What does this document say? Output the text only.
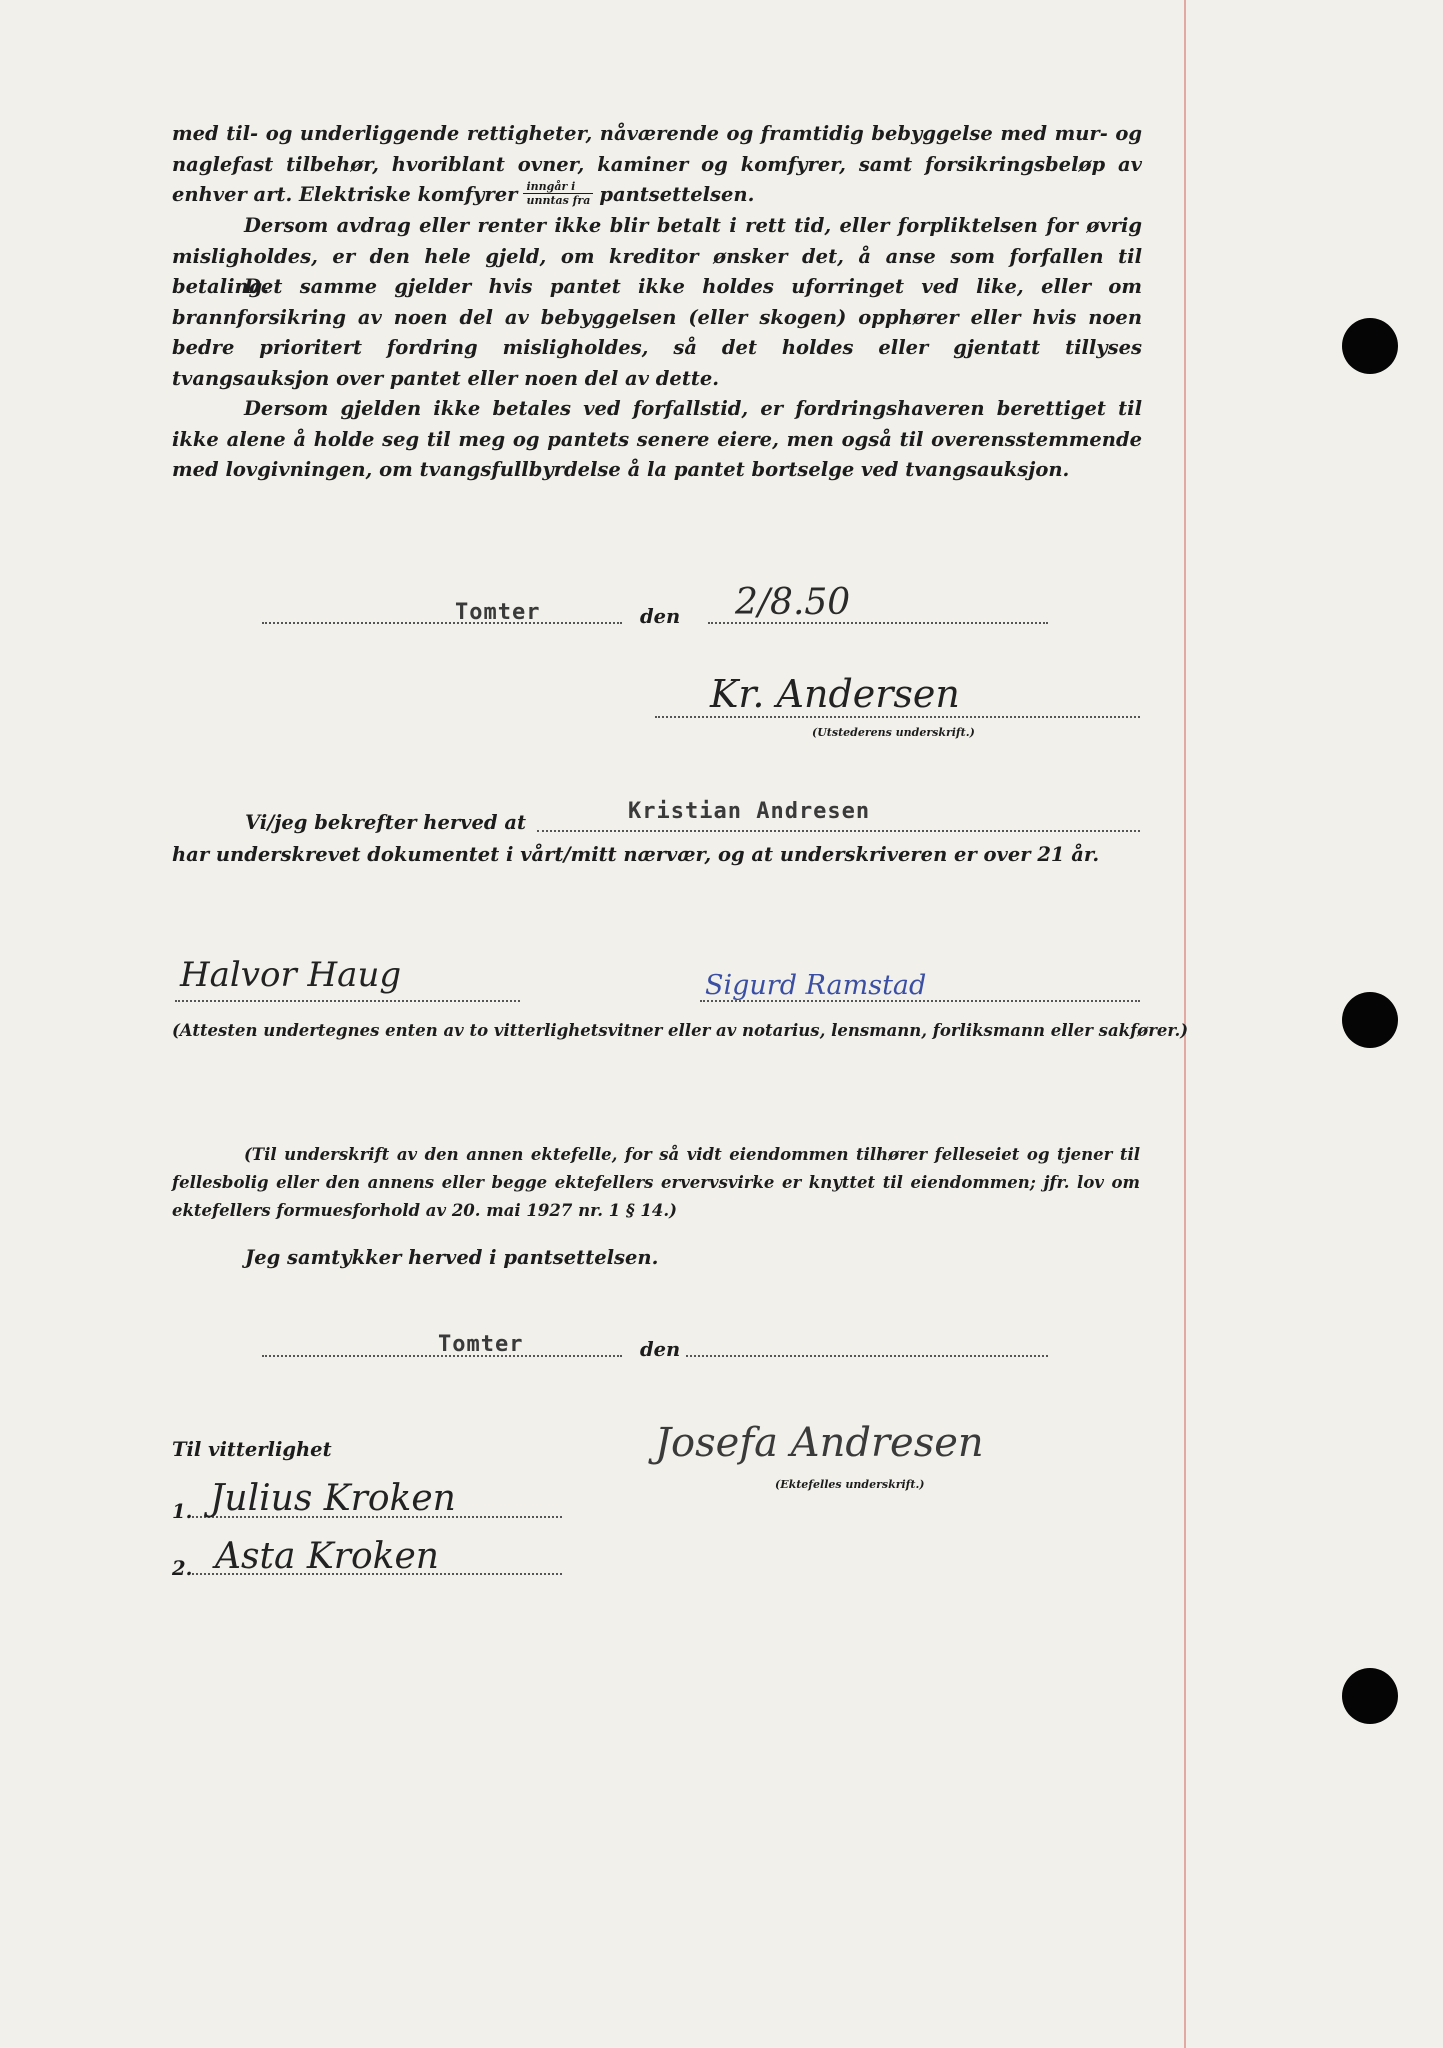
med til- og underliggende rettigheter, nåværende og framtidig bebyggelse med mur- og naglefast tilbehør, hvoriblant ovner, kaminer og komfyrer, samt forsikringsbeløp av enhver art. Elektriske komfyrer $\frac{\text{inngår i}}{\text{unntas fra}}$ pantsettelsen.
Dersom avdrag eller renter ikke blir betalt i rett tid, eller forpliktelsen for øvrig misligholdes, er den hele gjeld, om kreditor ønsker det, å anse som forfallen til betaling.
Det samme gjelder hvis pantet ikke holdes uforringet ved like, eller om brannforsikring av noen del av bebyggelsen (eller skogen) opphører eller hvis noen bedre prioritert fordring misligholdes, så det holdes eller gjentatt tillyses tvangsauksjon over pantet eller noen del av dette.
Dersom gjelden ikke betales ved forfallstid, er fordringshaveren berettiget til ikke alene å holde seg til meg og pantets senere eiere, men også til overensstemmende med lovgivningen, om tvangsfullbyrdelse å la pantet bortselge ved tvangsauksjon.
Tomter	den 2/8.50
Kr. Andersen
(Utstederens underskrift.)
Vi/jeg bekrefter herved at	Kristian Andresen
har underskrevet dokumentet i vårt/mitt nærvær, og at underskriveren er over 21 år.
Halvor Haug	Sigurd Ramstad
(Attesten undertegnes enten av to vitterlighetsvitner eller av notarius, lensmann, forliksmann eller sakfører.)
(Til underskrift av den annen ektefelle, for så vidt eiendommen tilhører felleseiet og tjener til fellesbolig eller den annens eller begge ektefellers ervervsvirke er knyttet til eiendommen; jfr. lov om ektefellers formuesforhold av 20. mai 1927 nr. 1 § 14.)
Jeg samtykker herved i pantsettelsen.
Tomter	den
Josefa Andresen
(Ektefelles underskrift.)
Til vitterlighet
1. Julius Kroken
2. Asta Kroken
